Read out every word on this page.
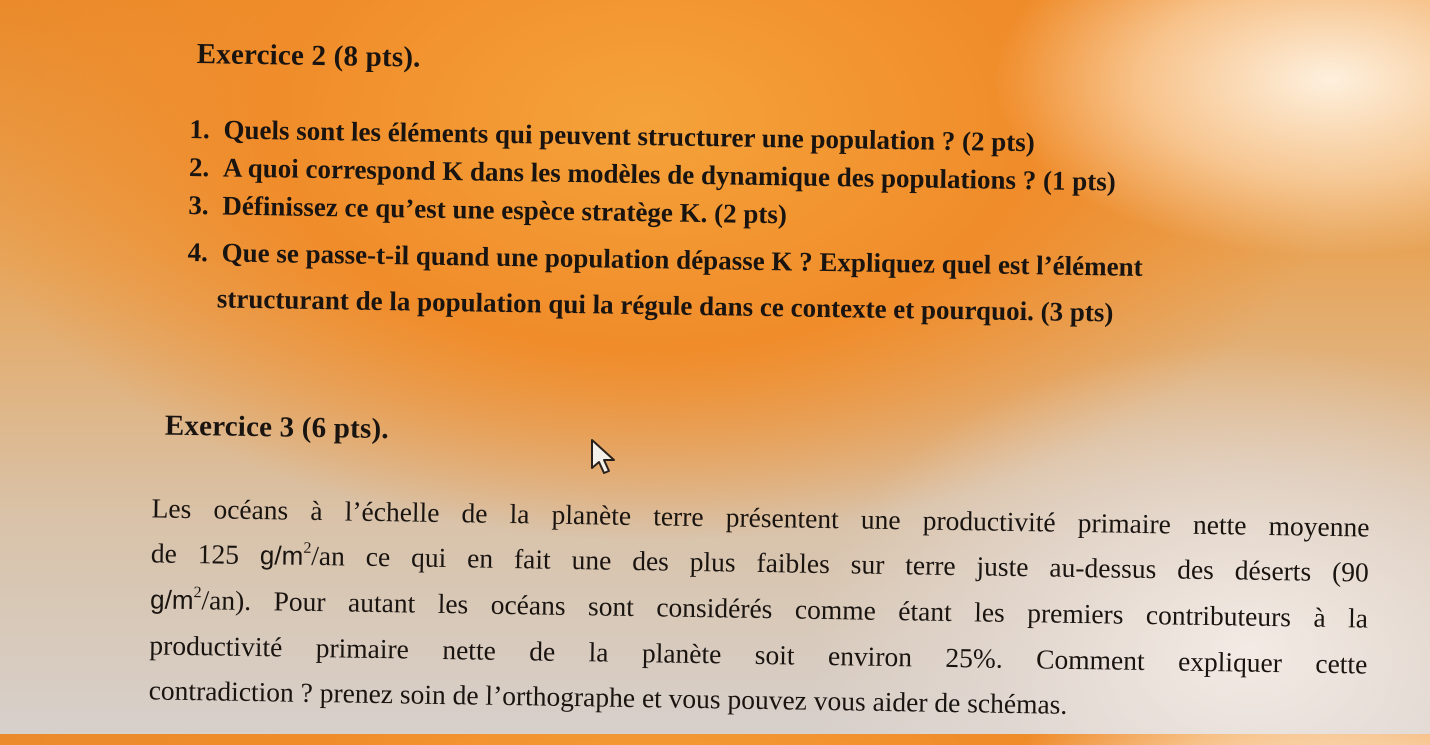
Exercice 2 (8 pts).
1. Quels sont les éléments qui peuvent structurer une population ? (2 pts)
2. A quoi correspond K dans les modèles de dynamique des populations ? (1 pts)
3. Définissez ce qu’est une espèce stratège K. (2 pts)
4. Que se passe-t-il quand une population dépasse K ? Expliquez quel est l’élément
structurant de la population qui la régule dans ce contexte et pourquoi. (3 pts)
Exercice 3 (6 pts).
Les océans à l’échelle de la planète terre présentent une productivité primaire nette moyenne
de 125 $g/m^2/an$ ce qui en fait une des plus faibles sur terre juste au-dessus des déserts (90
$g/m^2/an$). Pour autant les océans sont considérés comme étant les premiers contributeurs à la
productivité primaire nette de la planète soit environ 25%. Comment expliquer cette
contradiction ? prenez soin de l’orthographe et vous pouvez vous aider de schémas.
